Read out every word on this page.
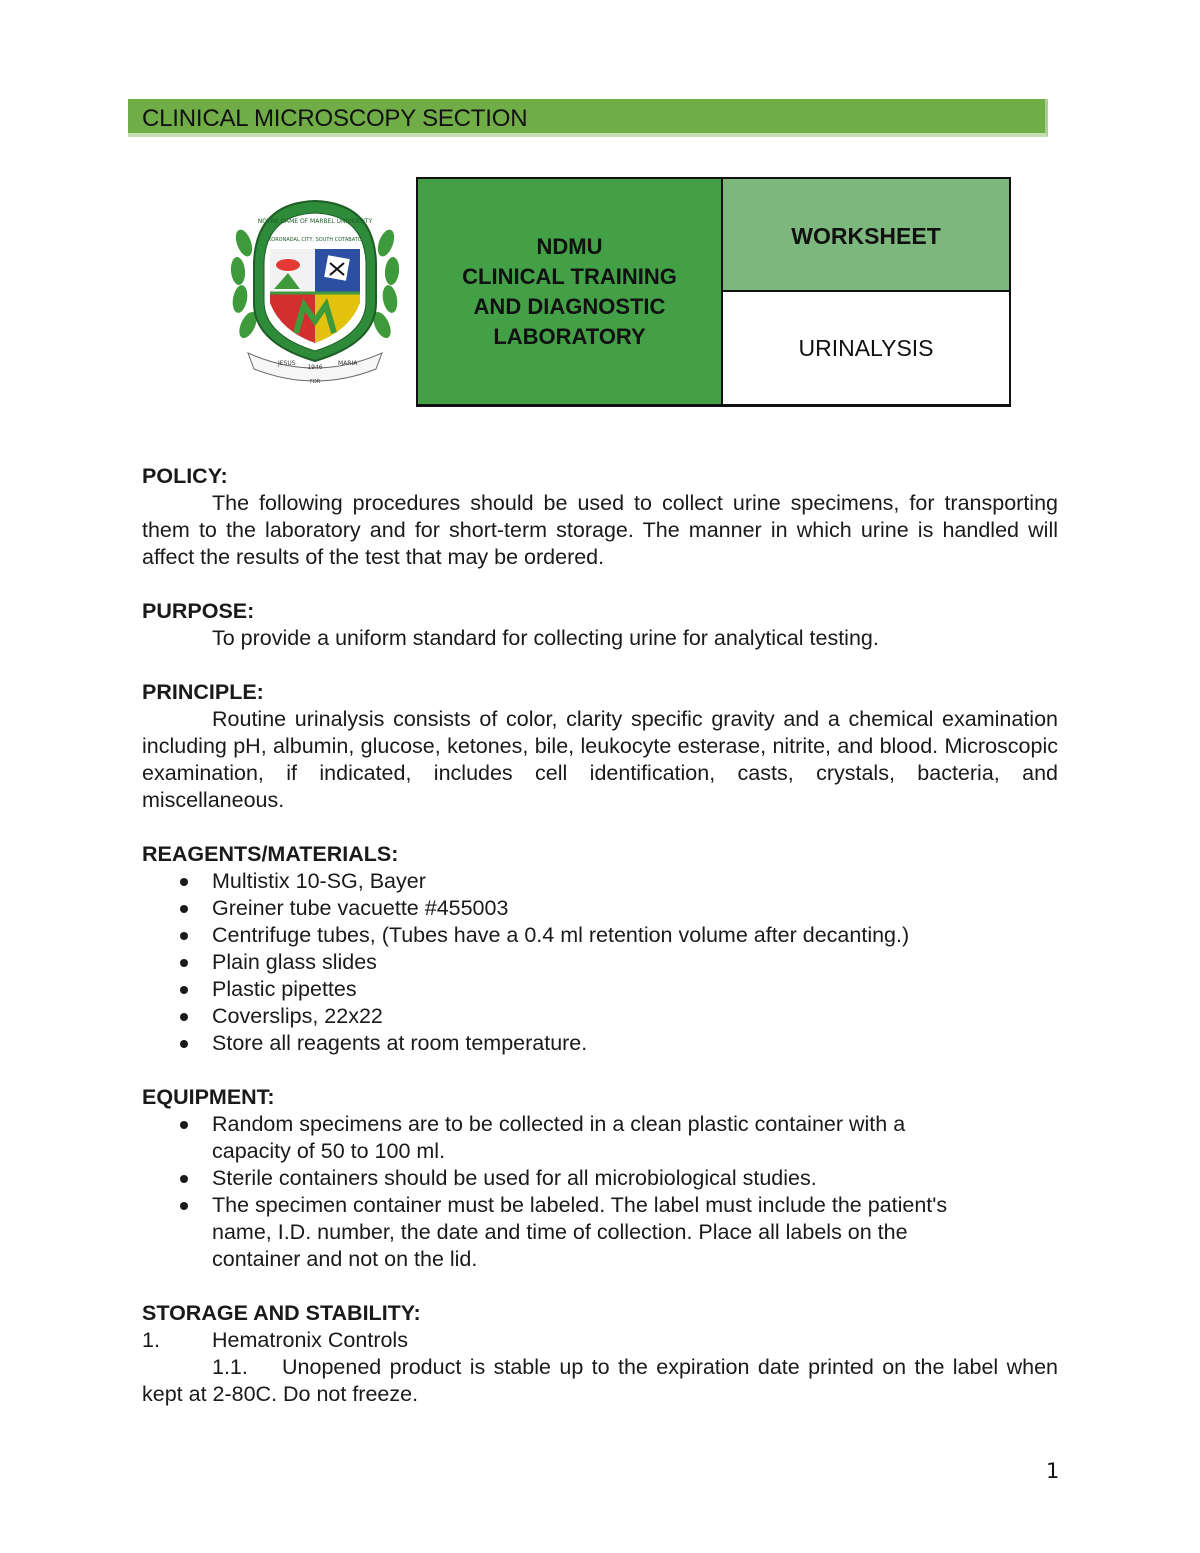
CLINICAL MICROSCOPY SECTION
NOTRE DAME OF MARBEL UNIVERSITY
KORONADAL CITY, SOUTH COTABATO
JESUS
1946
MARIA
FOR
NDMU
CLINICAL TRAINING
AND DIAGNOSTIC
LABORATORY
WORKSHEET
URINALYSIS

POLICY:

The following procedures should be used to collect urine specimens, for transporting them to the laboratory and for short-term storage. The manner in which urine is handled will affect the results of the test that may be ordered.

PURPOSE:

To provide a uniform standard for collecting urine for analytical testing.

PRINCIPLE:

Routine urinalysis consists of color, clarity specific gravity and a chemical examination including pH, albumin, glucose, ketones, bile, leukocyte esterase, nitrite, and blood. Microscopic examination, if indicated, includes cell identification, casts, crystals, bacteria, and miscellaneous.

REAGENTS/MATERIALS:

Multistix 10-SG, Bayer
Greiner tube vacuette #455003
Centrifuge tubes, (Tubes have a 0.4 ml retention volume after decanting.)
Plain glass slides
Plastic pipettes
Coverslips, 22x22
Store all reagents at room temperature.

EQUIPMENT:

Random specimens are to be collected in a clean plastic container with a capacity of 50 to 100 ml.
Sterile containers should be used for all microbiological studies.
The specimen container must be labeled. The label must include the patient's name, I.D. number, the date and time of collection. Place all labels on the container and not on the lid.

STORAGE AND STABILITY:

1.	Hematronix Controls

1.1. Unopened product is stable up to the expiration date printed on the label when kept at 2-80C. Do not freeze.

1
